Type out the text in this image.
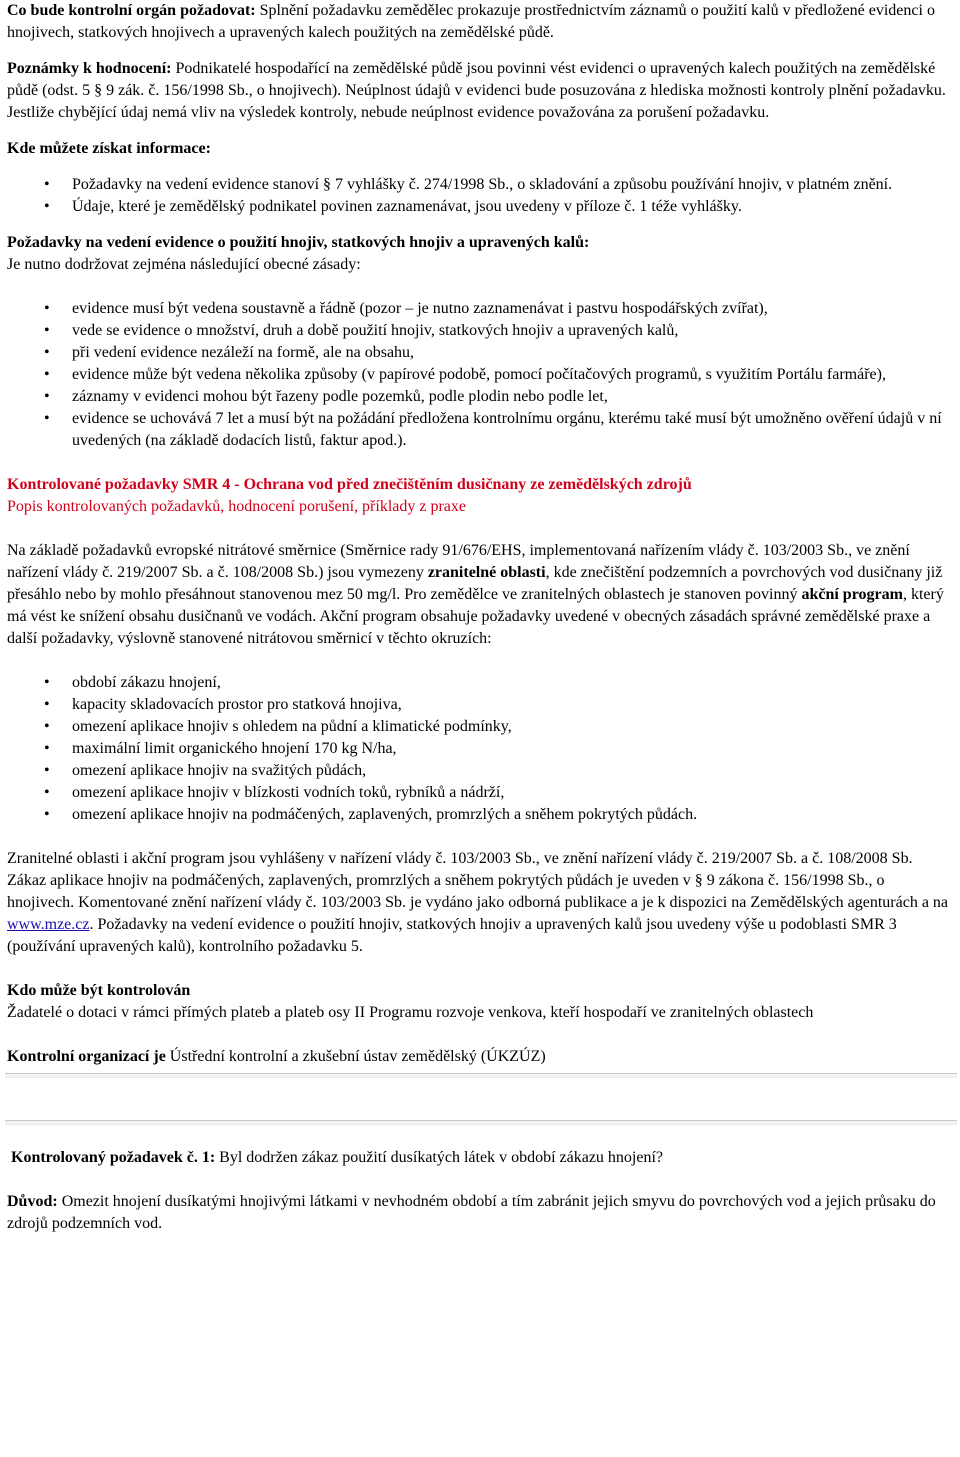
Co bude kontrolní orgán požadovat: Splnění požadavku zemědělec prokazuje prostřednictvím záznamů o použití kalů v předložené evidenci o hnojivech, statkových hnojivech a upravených kalech použitých na zemědělské půdě.

Poznámky k hodnocení: Podnikatelé hospodařící na zemědělské půdě jsou povinni vést evidenci o upravených kalech použitých na zemědělské půdě (odst. 5 § 9 zák. č. 156/1998 Sb., o hnojivech). Neúplnost údajů v evidenci bude posuzována z hlediska možnosti kontroly plnění požadavku. Jestliže chybějící údaj nemá vliv na výsledek kontroly, nebude neúplnost evidence považována za porušení požadavku.

Kde můžete získat informace:

• Požadavky na vedení evidence stanoví § 7 vyhlášky č. 274/1998 Sb., o skladování a způsobu používání hnojiv, v platném znění.
• Údaje, které je zemědělský podnikatel povinen zaznamenávat, jsou uvedeny v příloze č. 1 téže vyhlášky.

Požadavky na vedení evidence o použití hnojiv, statkových hnojiv a upravených kalů:

Je nutno dodržovat zejména následující obecné zásady:

• evidence musí být vedena soustavně a řádně (pozor – je nutno zaznamenávat i pastvu hospodářských zvířat),
• vede se evidence o množství, druh a době použití hnojiv, statkových hnojiv a upravených kalů,
• při vedení evidence nezáleží na formě, ale na obsahu,
• evidence může být vedena několika způsoby (v papírové podobě, pomocí počítačových programů, s využitím Portálu farmáře),
• záznamy v evidenci mohou být řazeny podle pozemků, podle plodin nebo podle let,
• evidence se uchovává 7 let a musí být na požádání předložena kontrolnímu orgánu, kterému také musí být umožněno ověření údajů v ní uvedených (na základě dodacích listů, faktur apod.).

Kontrolované požadavky SMR 4 - Ochrana vod před znečištěním dusičnany ze zemědělských zdrojů

Popis kontrolovaných požadavků, hodnocení porušení, příklady z praxe

Na základě požadavků evropské nitrátové směrnice (Směrnice rady 91/676/EHS, implementovaná nařízením vlády č. 103/2003 Sb., ve znění nařízení vlády č. 219/2007 Sb. a č. 108/2008 Sb.) jsou vymezeny zranitelné oblasti, kde znečištění podzemních a povrchových vod dusičnany již přesáhlo nebo by mohlo přesáhnout stanovenou mez 50 mg/l. Pro zemědělce ve zranitelných oblastech je stanoven povinný akční program, který má vést ke snížení obsahu dusičnanů ve vodách. Akční program obsahuje požadavky uvedené v obecných zásadách správné zemědělské praxe a další požadavky, výslovně stanovené nitrátovou směrnicí v těchto okruzích:

• období zákazu hnojení,
• kapacity skladovacích prostor pro statková hnojiva,
• omezení aplikace hnojiv s ohledem na půdní a klimatické podmínky,
• maximální limit organického hnojení 170 kg N/ha,
• omezení aplikace hnojiv na svažitých půdách,
• omezení aplikace hnojiv v blízkosti vodních toků, rybníků a nádrží,
• omezení aplikace hnojiv na podmáčených, zaplavených, promrzlých a sněhem pokrytých půdách.

Zranitelné oblasti i akční program jsou vyhlášeny v nařízení vlády č. 103/2003 Sb., ve znění nařízení vlády č. 219/2007 Sb. a č. 108/2008 Sb. Zákaz aplikace hnojiv na podmáčených, zaplavených, promrzlých a sněhem pokrytých půdách je uveden v § 9 zákona č. 156/1998 Sb., o hnojivech. Komentované znění nařízení vlády č. 103/2003 Sb. je vydáno jako odborná publikace a je k dispozici na Zemědělských agenturách a na www.mze.cz. Požadavky na vedení evidence o použití hnojiv, statkových hnojiv a upravených kalů jsou uvedeny výše u podoblasti SMR 3 (používání upravených kalů), kontrolního požadavku 5.

Kdo může být kontrolován

Žadatelé o dotaci v rámci přímých plateb a plateb osy II Programu rozvoje venkova, kteří hospodaří ve zranitelných oblastech

Kontrolní organizací je Ústřední kontrolní a zkušební ústav zemědělský (ÚKZÚZ)

Kontrolovaný požadavek č. 1: Byl dodržen zákaz použití dusíkatých látek v období zákazu hnojení?

Důvod: Omezit hnojení dusíkatými hnojivými látkami v nevhodném období a tím zabránit jejich smyvu do povrchových vod a jejich průsaku do zdrojů podzemních vod.
